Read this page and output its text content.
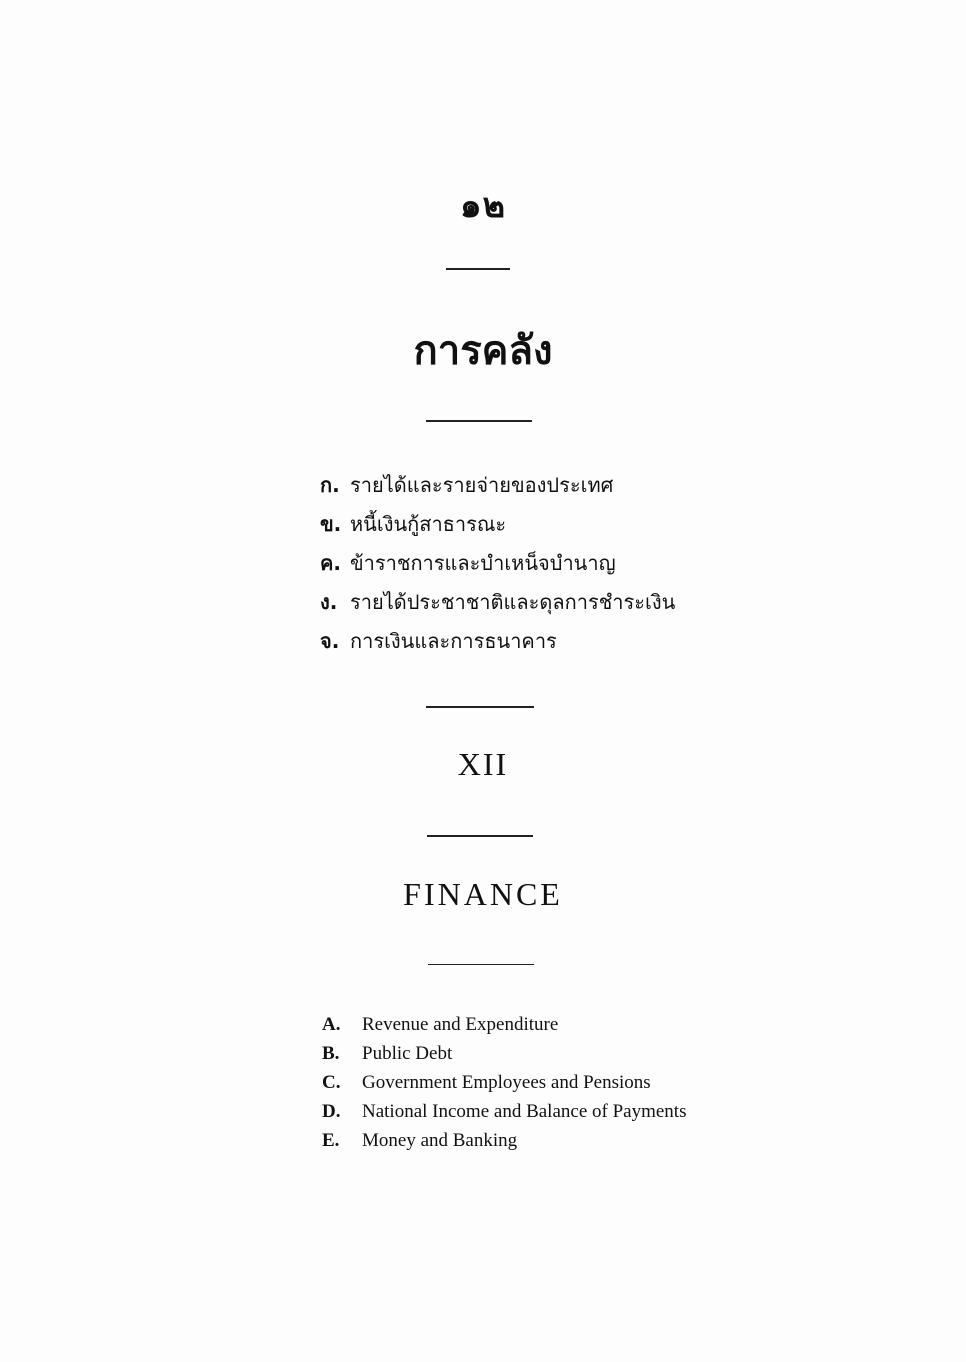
๑๒
การคลัง
ก. รายได้และรายจ่ายของประเทศ
ข. หนี้เงินกู้สาธารณะ
ค. ข้าราชการและบำเหน็จบำนาญ
ง. รายได้ประชาชาติและดุลการชำระเงิน
จ. การเงินและการธนาคาร
XII
FINANCE
A. Revenue and Expenditure
B. Public Debt
C. Government Employees and Pensions
D. National Income and Balance of Payments
E. Money and Banking
